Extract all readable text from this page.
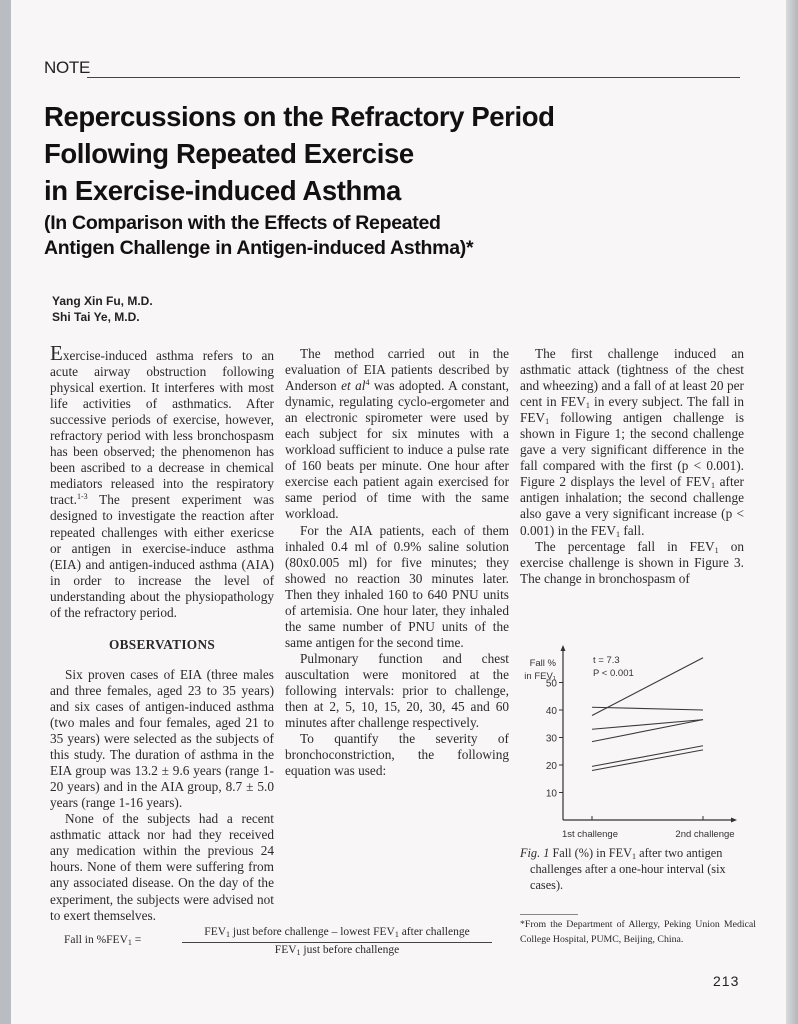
NOTE
Repercussions on the Refractory Period
Following Repeated Exercise
in Exercise-induced Asthma
(In Comparison with the Effects of Repeated
Antigen Challenge in Antigen-induced Asthma)*
Yang Xin Fu, M.D.
Shi Tai Ye, M.D.

Exercise-induced asthma refers to an acute airway obstruction following physical exertion. It interferes with most life activities of asthmatics. After successive periods of exercise, however, refractory period with less bronchospasm has been observed; the phenomenon has been ascribed to a decrease in chemical mediators released into the respiratory tract.$^{1-3}$ The present experiment was designed to investigate the reaction after repeated challenges with either exericse or antigen in exercise-induce asthma (EIA) and antigen-induced asthma (AIA) in order to increase the level of understanding about the physiopathology of the refractory period.

OBSERVATIONS

Six proven cases of EIA (three males and three females, aged 23 to 35 years) and six cases of antigen-induced asthma (two males and four females, aged 21 to 35 years) were selected as the subjects of this study. The duration of asthma in the EIA group was 13.2 ± 9.6 years (range 1-20 years) and in the AIA group, 8.7 ± 5.0 years (range 1-16 years).

None of the subjects had a recent asthmatic attack nor had they received any medication within the previous 24 hours. None of them were suffering from any associated disease. On the day of the experiment, the subjects were advised not to exert themselves.

The method carried out in the evaluation of EIA patients described by Anderson et $al^4$ was adopted. A constant, dynamic, regulating cyclo-ergometer and an electronic spirometer were used by each subject for six minutes with a workload sufficient to induce a pulse rate of 160 beats per minute. One hour after exercise each patient again exercised for same period of time with the same workload.

For the AIA patients, each of them inhaled 0.4 ml of 0.9% saline solution (80x0.005 ml) for five minutes; they showed no reaction 30 minutes later. Then they inhaled 160 to 640 PNU units of artemisia. One hour later, they inhaled the same number of PNU units of the same antigen for the second time.

Pulmonary function and chest auscultation were monitored at the following intervals: prior to challenge, then at 2, 5, 10, 15, 20, 30, 45 and 60 minutes after challenge respectively.

To quantify the severity of bronchoconstriction, the following equation was used:

The first challenge induced an asthmatic attack (tightness of the chest and wheezing) and a fall of at least 20 per cent in $FEV_1$ in every subject. The fall in $FEV_1$ following antigen challenge is shown in Figure 1; the second challenge gave a very significant difference in the fall compared with the first (p < 0.001). Figure 2 displays the level of $FEV_1$ after antigen inhalation; the second challenge also gave a very significant increase (p < 0.001) in the $FEV_1$ fall.

The percentage fall in $FEV_1$ on exercise challenge is shown in Figure 3. The change in bronchospasm of

10
20
30
40
50
Fall %
in FEV₁
1st challenge	2nd challenge
t = 7.3
P < 0.001
Fig. 1 Fall (%) in $FEV_1$ after two antigen challenges after a one-hour interval (six cases).
Fall in $\%FEV_1$ =
$FEV_1$ just before challenge – lowest $FEV_1$ after challenge
$FEV_1$ just before challenge
*From the Department of Allergy, Peking Union Medical College Hospital, PUMC, Beijing, China.
213
